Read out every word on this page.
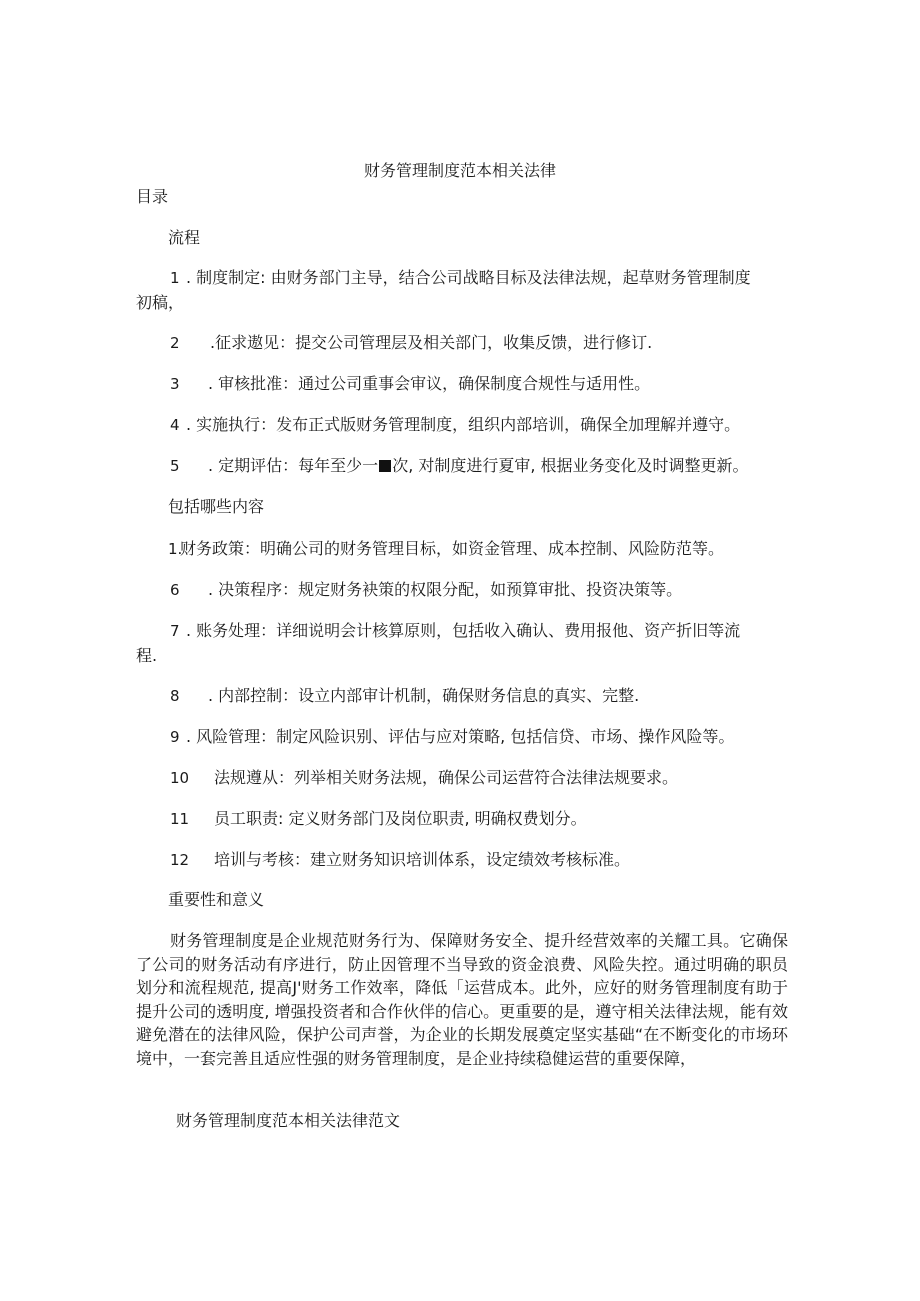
财务管理制度范本相关法律
目录
流程
1 . 制度制定: 由财务部门主导，结合公司战略目标及法律法规，起草财务管理制度
初稿，
2 .征求遨见：提交公司管理层及相关部门，收集反馈，进行修订.
3 . 审核批准：通过公司重事会审议，确保制度合规性与适用性。
4 . 实施执行：发布正式版财务管理制度，组织内部培训，确保全加理解并遵守。
5 . 定期评估：每年至少一 次, 对制度进行夏审, 根据业务变化及时调整更新。
包括哪些内容
1.
财务政策：明确公司的财务管理目标，如资金管理、成本控制、风险防范等。
6 . 决策程序：规定财务袂策的权限分配，如预算审批、投资决策等。
7 . 账务处理：详细说明会计核算原则，包括收入确认、费用报他、资产折旧等流
程.
8 . 内部控制：设立内部审计机制，确保财务信息的真实、完整.
9 . 风险管理：制定风险识别、评估与应对策略, 包括信贷、市场、操作风险等。
10 法规遵从：列举相关财务法规，确保公司运营符合法律法规要求。
11 员工职责: 定义财务部门及岗位职责, 明确权费划分。
12 培训与考核：建立财务知识培训体系，设定绩效考核标准。
重要性和意义
财务管理制度是企业规范财务行为、保障财务安全、提升经营效率的关耀工具。它确保了公司的财务活动有序进行，防止因管理不当导致的资金浪费、风险失控。通过明确的职员划分和流程规范, 提高J'财务工作效率，降低「运营成本。此外，应好的财务管理制度有助于提升公司的透明度, 增强投资者和合作伙伴的信心。更重要的是，遵守相关法律法规，能有效避免潜在的法律风险，保护公司声誉，为企业的长期发展奠定坚实基础“在不断变化的市场环境中，一套完善且适应性强的财务管理制度，是企业持续稳健运营的重要保障，
财务管理制度范本相关法律范文
